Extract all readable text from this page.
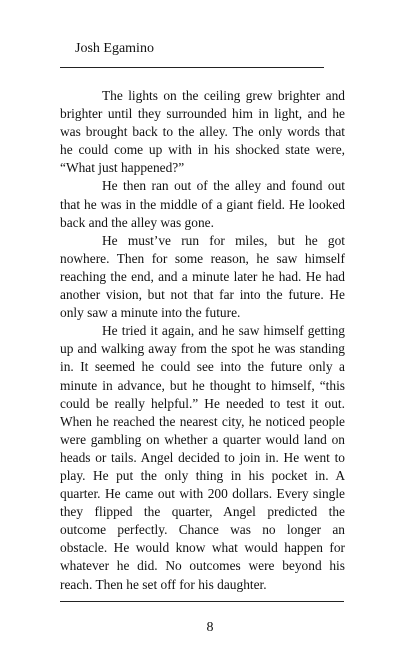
Josh Egamino

The lights on the ceiling grew brighter and brighter until they surrounded him in light, and he was brought back to the alley. The only words that he could come up with in his shocked state were, “What just happened?”

He then ran out of the alley and found out that he was in the middle of a giant field. He looked back and the alley was gone.

He must’ve run for miles, but he got nowhere. Then for some reason, he saw himself reaching the end, and a minute later he had. He had another vision, but not that far into the future. He only saw a minute into the future.

He tried it again, and he saw himself getting up and walking away from the spot he was standing in. It seemed he could see into the future only a minute in advance, but he thought to himself, “this could be really helpful.” He needed to test it out. When he reached the nearest city, he noticed people were gambling on whether a quarter would land on heads or tails. Angel decided to join in. He went to play. He put the only thing in his pocket in. A quarter. He came out with 200 dollars. Every single they flipped the quarter, Angel predicted the outcome perfectly. Chance was no longer an obstacle. He would know what would happen for whatever he did. No outcomes were beyond his reach. Then he set off for his daughter.

8
